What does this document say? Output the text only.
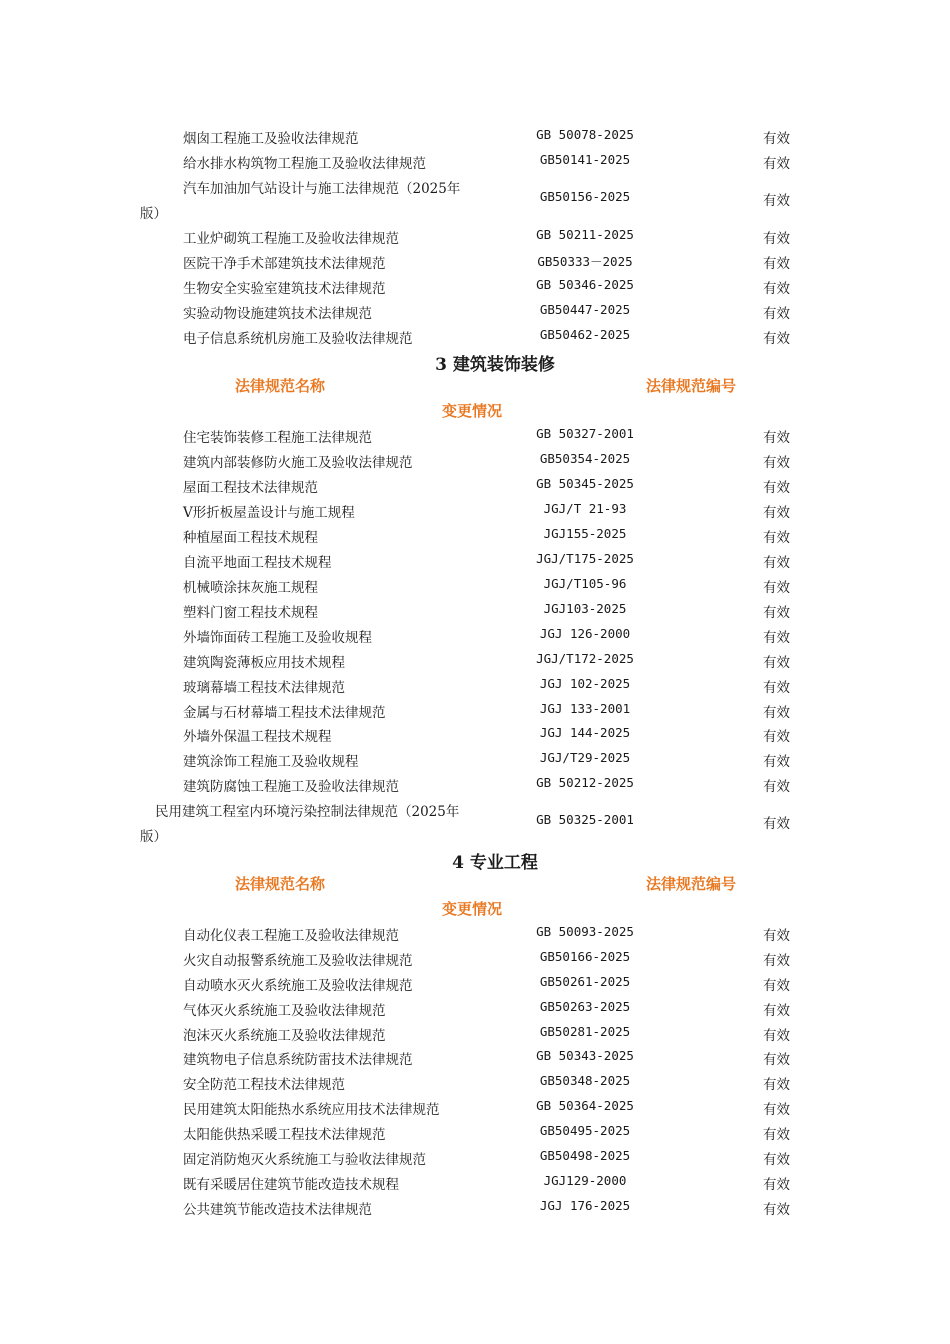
烟囱工程施工及验收法律规范	GB 50078-2025	有效
给水排水构筑物工程施工及验收法律规范	GB50141-2025	有效
汽车加油加气站设计与施工法律规范（2025年
版）
GB50156-2025	有效
工业炉砌筑工程施工及验收法律规范	GB 50211-2025	有效
医院干净手术部建筑技术法律规范	GB50333－2025	有效
生物安全实验室建筑技术法律规范	GB 50346-2025	有效
实验动物设施建筑技术法律规范	GB50447-2025	有效
电子信息系统机房施工及验收法律规范	GB50462-2025	有效
3 建筑装饰装修
法律规范名称	法律规范编号
变更情况
住宅装饰装修工程施工法律规范	GB 50327-2001	有效
建筑内部装修防火施工及验收法律规范	GB50354-2025	有效
屋面工程技术法律规范	GB 50345-2025	有效
V形折板屋盖设计与施工规程	JGJ/T 21-93	有效
种植屋面工程技术规程	JGJ155-2025	有效
自流平地面工程技术规程	JGJ/T175-2025	有效
机械喷涂抹灰施工规程	JGJ/T105-96	有效
塑料门窗工程技术规程	JGJ103-2025	有效
外墙饰面砖工程施工及验收规程	JGJ 126-2000	有效
建筑陶瓷薄板应用技术规程	JGJ/T172-2025	有效
玻璃幕墙工程技术法律规范	JGJ 102-2025	有效
金属与石材幕墙工程技术法律规范	JGJ 133-2001	有效
外墙外保温工程技术规程	JGJ 144-2025	有效
建筑涂饰工程施工及验收规程	JGJ/T29-2025	有效
建筑防腐蚀工程施工及验收法律规范	GB 50212-2025	有效
民用建筑工程室内环境污染控制法律规范（2025年
版）
GB 50325-2001	有效
4 专业工程
法律规范名称	法律规范编号
变更情况
自动化仪表工程施工及验收法律规范	GB 50093-2025	有效
火灾自动报警系统施工及验收法律规范	GB50166-2025	有效
自动喷水灭火系统施工及验收法律规范	GB50261-2025	有效
气体灭火系统施工及验收法律规范	GB50263-2025	有效
泡沫灭火系统施工及验收法律规范	GB50281-2025	有效
建筑物电子信息系统防雷技术法律规范	GB 50343-2025	有效
安全防范工程技术法律规范	GB50348-2025	有效
民用建筑太阳能热水系统应用技术法律规范	GB 50364-2025	有效
太阳能供热采暖工程技术法律规范	GB50495-2025	有效
固定消防炮灭火系统施工与验收法律规范	GB50498-2025	有效
既有采暖居住建筑节能改造技术规程	JGJ129-2000	有效
公共建筑节能改造技术法律规范	JGJ 176-2025	有效
